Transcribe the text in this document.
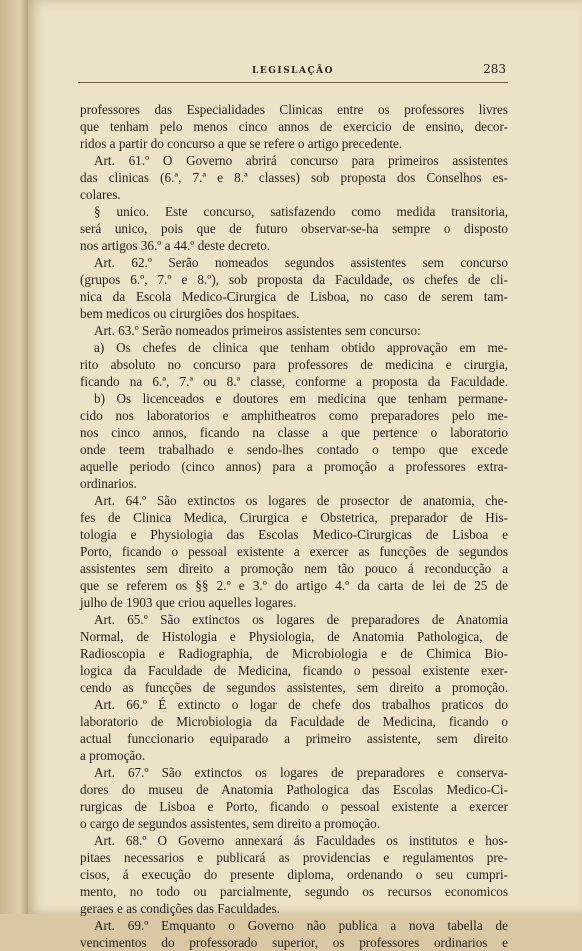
LEGISLAÇÃO	283
professores das Especialidades Clinicas entre os professores livres
que tenham pelo menos cinco annos de exercicio de ensino, decor-
ridos a partir do concurso a que se refere o artigo precedente.
Art. 61.º O Governo abrirá concurso para primeiros assistentes
das clinicas (6.ª, 7.ª e 8.ª classes) sob proposta dos Conselhos es-
colares.
§ unico. Este concurso, satisfazendo como medida transitoria,
será unico, pois que de futuro observar-se-ha sempre o disposto
nos artigos 36.º a 44.º deste decreto.
Art. 62.º Serão nomeados segundos assistentes sem concurso
(grupos 6.º, 7.º e 8.º), sob proposta da Faculdade, os chefes de cli-
nica da Escola Medico-Cirurgica de Lisboa, no caso de serem tam-
bem medicos ou cirurgiões dos hospitaes.
Art. 63.º Serão nomeados primeiros assistentes sem concurso:
a) Os chefes de clinica que tenham obtido approvação em me-
rito absoluto no concurso para professores de medicina e cirurgia,
ficando na 6.ª, 7.ª ou 8.ª classe, conforme a proposta da Faculdade.
b) Os licenceados e doutores em medicina que tenham permane-
cido nos laboratorios e amphitheatros como preparadores pelo me-
nos cinco annos, ficando na classe a que pertence o laboratorio
onde teem trabalhado e sendo-lhes contado o tempo que excede
aquelle periodo (cinco annos) para a promoção a professores extra-
ordinarios.
Art. 64.º São extinctos os logares de prosector de anatomia, che-
fes de Clinica Medica, Cirurgica e Obstetrica, preparador de His-
tologia e Physiologia das Escolas Medico-Cirurgicas de Lisboa e
Porto, ficando o pessoal existente a exercer as funcções de segundos
assistentes sem direito a promoção nem tão pouco á reconducção a
que se referem os §§ 2.º e 3.º do artigo 4.º da carta de lei de 25 de
julho de 1903 que criou aquelles logares.
Art. 65.º São extinctos os logares de preparadores de Anatomia
Normal, de Histologia e Physiologia, de Anatomia Pathologica, de
Radioscopia e Radiographia, de Microbiologia e de Chimica Bio-
logica da Faculdade de Medicina, ficando o pessoal existente exer-
cendo as funcções de segundos assistentes, sem direito a promoção.
Art. 66.º É extincto o logar de chefe dos trabalhos praticos do
laboratorio de Microbiologia da Faculdade de Medicina, ficando o
actual funccionario equiparado a primeiro assistente, sem direito
a promoção.
Art. 67.º São extinctos os logares de preparadores e conserva-
dores do museu de Anatomia Pathologica das Escolas Medico-Ci-
rurgicas de Lisboa e Porto, ficando o pessoal existente a exercer
o cargo de segundos assistentes, sem direito a promoção.
Art. 68.º O Governo annexará ás Faculdades os institutos e hos-
pitaes necessarios e publicará as providencias e regulamentos pre-
cisos, á execução do presente diploma, ordenando o seu cumpri-
mento, no todo ou parcialmente, segundo os recursos economicos
geraes e as condições das Faculdades.
Art. 69.º Emquanto o Governo não publica a nova tabella de
vencimentos do professorado superior, os professores ordinarios e
